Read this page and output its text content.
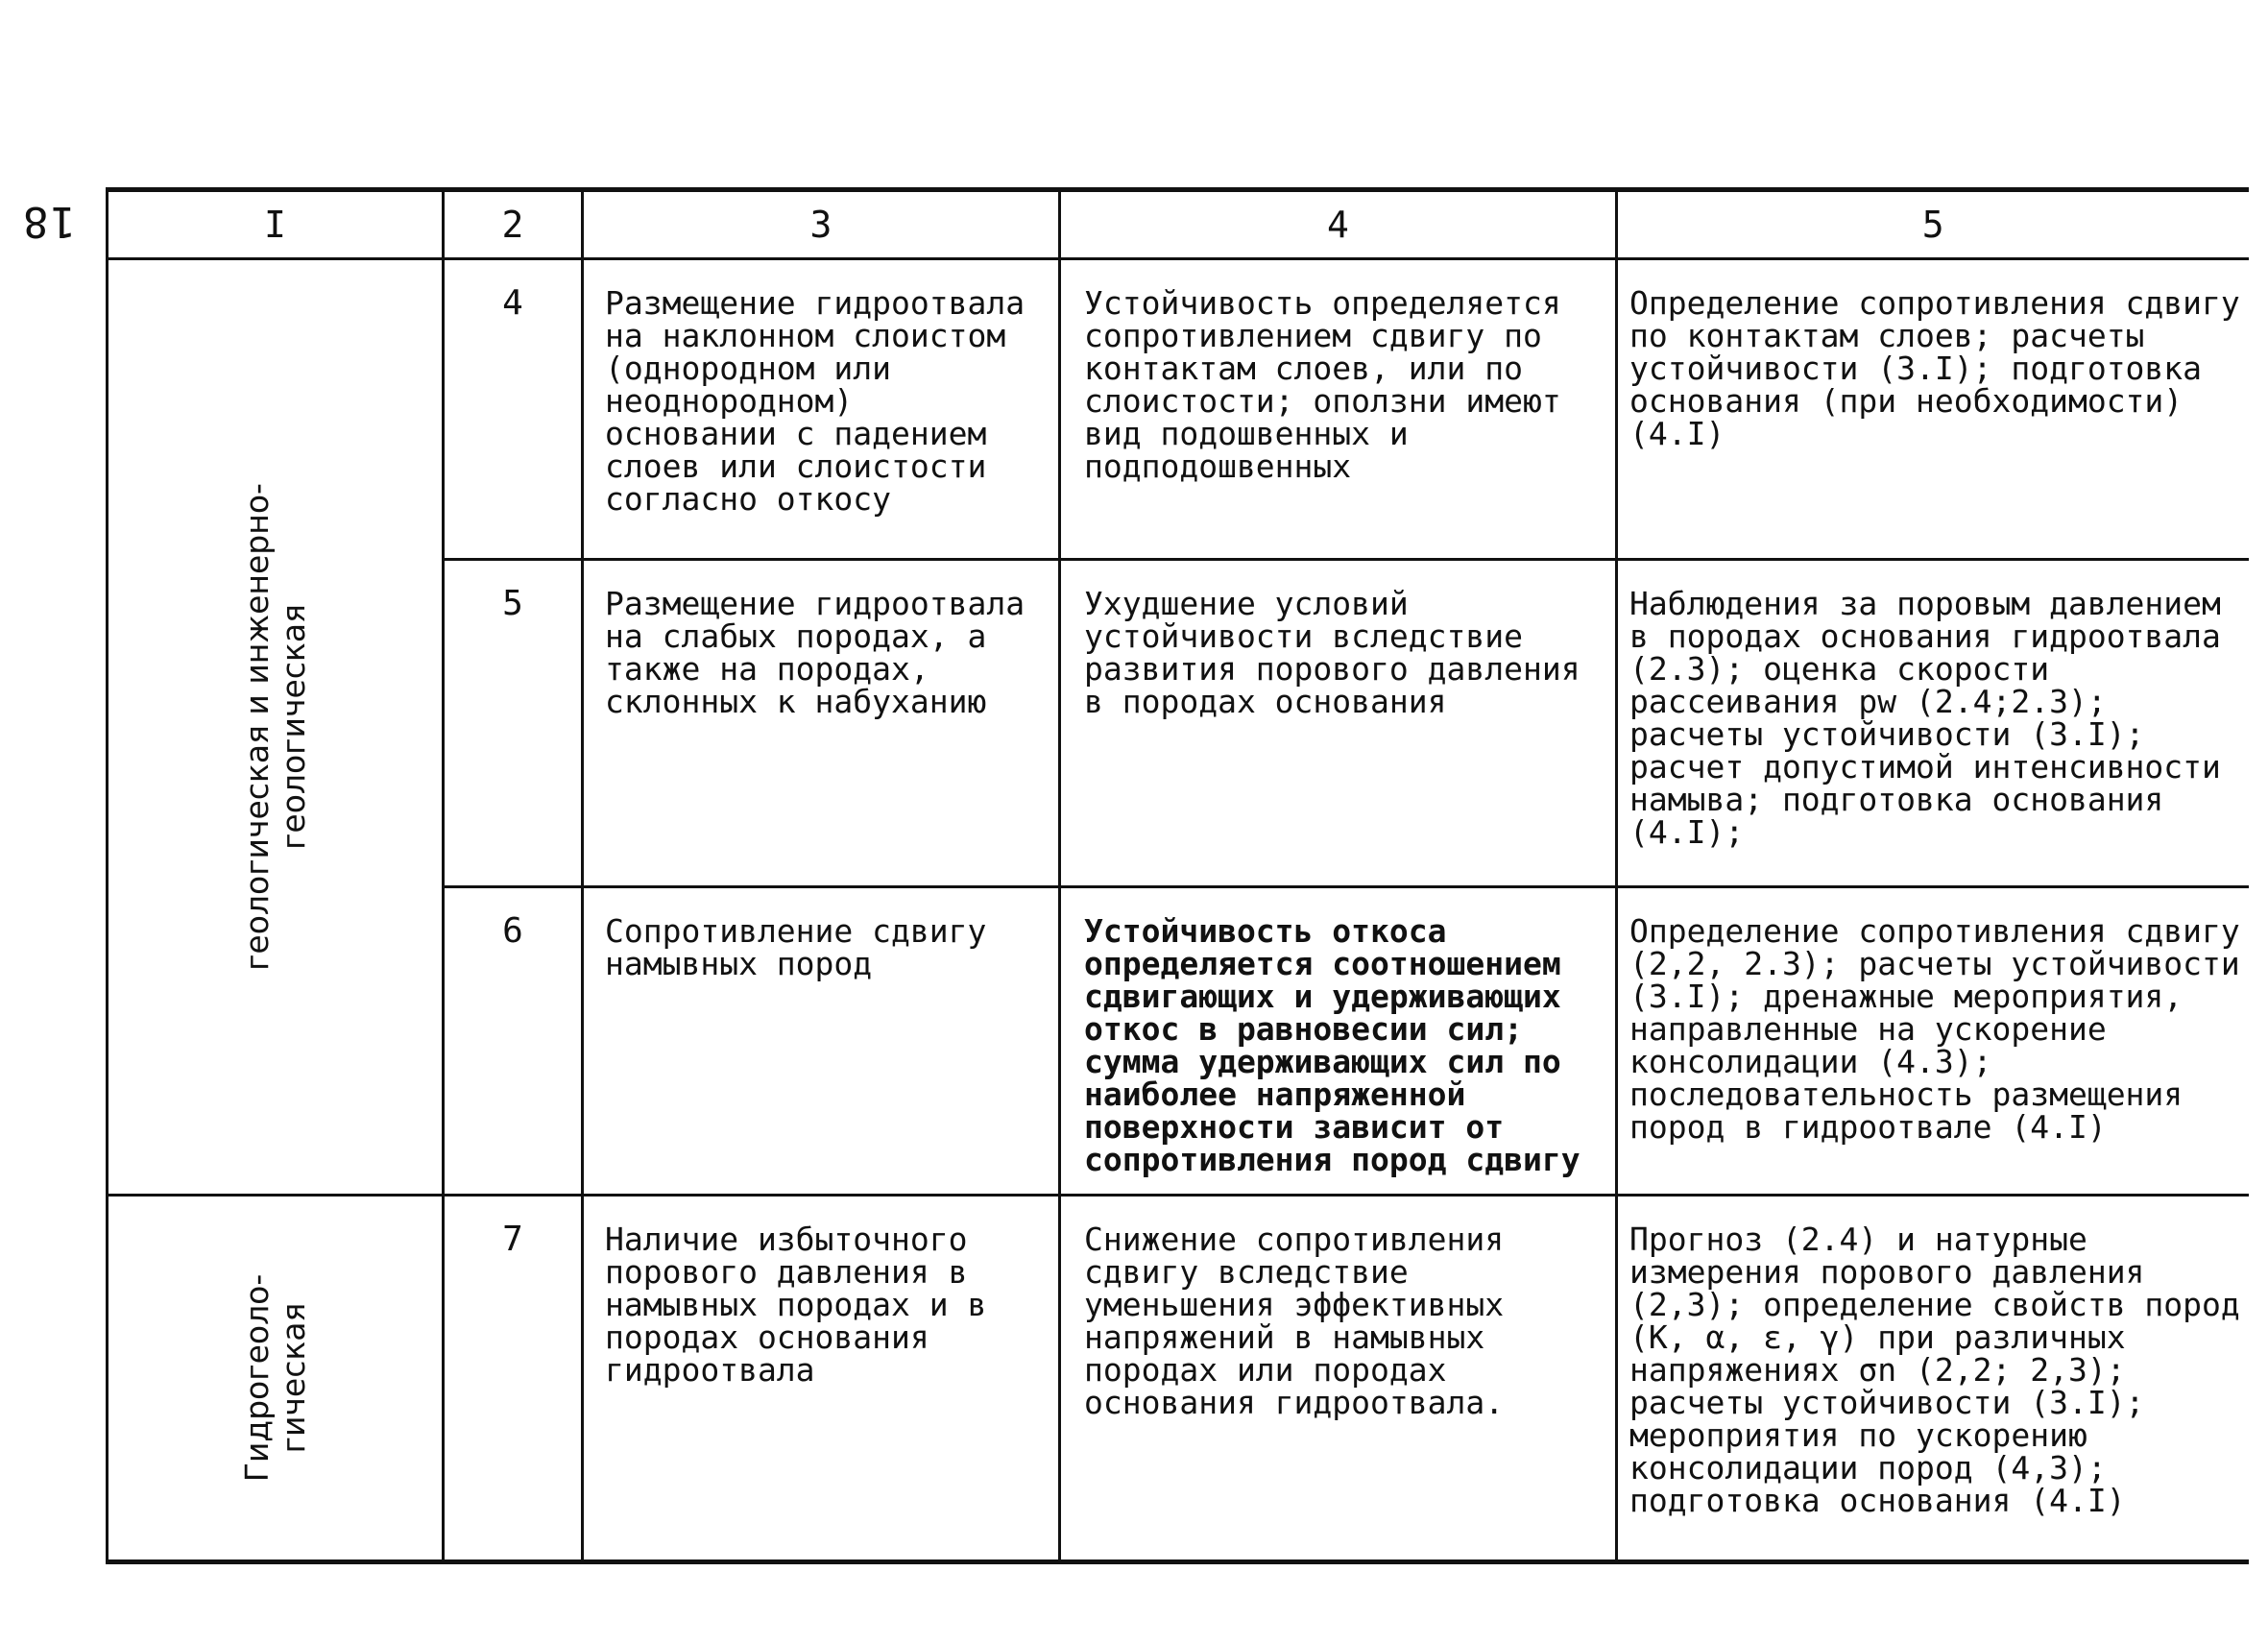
18	I	2	3	4	5

геологическая и инженерно- геологическая	4	Размещение гидроотвала на наклонном слоистом (однородном или неоднородном) основании с падением слоев или слоистости согласно откосу	Устойчивость определяется сопротивлением сдвигу по контактам слоев, или по слоистости; оползни имеют вид подошвенных и подподошвенных	Определение сопротивления сдвигу по контактам слоев; расчеты устойчивости (3.I); подготовка основания (при необходимости) (4.I)
	5	Размещение гидроотвала на слабых породах, а также на породах, склонных к набуханию	Ухудшение условий устойчивости вследствие развития порового давления в породах основания	Наблюдения за поровым давлением в породах основания гидроотвала (2.3); оценка скорости рассеивания pw (2.4;2.3); расчеты устойчивости (3.I); расчет допустимой интенсивности намыва; подготовка основания (4.I);
	6	Сопротивление сдвигу намывных пород	Устойчивость откоса определяется соотношением сдвигающих и удерживающих откос в равновесии сил; сумма удерживающих сил по наиболее напряженной поверхности зависит от сопротивления пород сдвигу	Определение сопротивления сдвигу (2,2, 2.3); расчеты устойчивости (3.I); дренажные мероприятия, направленные на ускорение консолидации (4.3); последовательность размещения пород в гидроотвале (4.I)

Гидрогеоло- гическая	7	Наличие избыточного порового давления в намывных породах и в породах основания гидроотвала	Снижение сопротивления сдвигу вследствие уменьшения эффективных напряжений в намывных породах или породах основания гидроотвала.	Прогноз (2.4) и натурные измерения порового давления (2,3); определение свойств пород (K, α, ε, γ) при различных напряжениях σn (2,2; 2,3); расчеты устойчивости (3.I); мероприятия по ускорению консолидации пород (4,3); подготовка основания (4.I)
